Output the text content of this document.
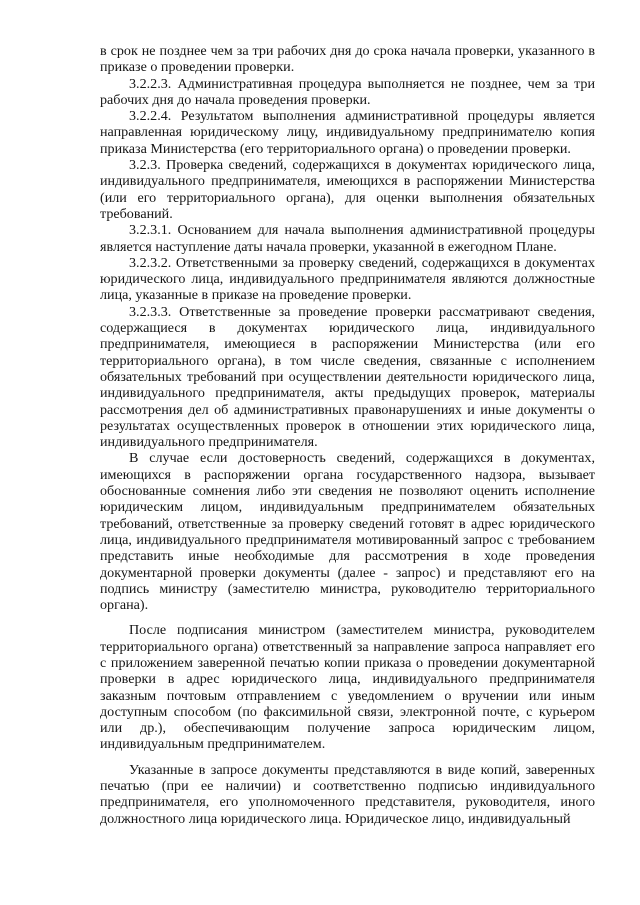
в срок не позднее чем за три рабочих дня до срока начала проверки, указанного в приказе о проведении проверки.

3.2.2.3. Административная процедура выполняется не позднее, чем за три рабочих дня до начала проведения проверки.

3.2.2.4. Результатом выполнения административной процедуры является направленная юридическому лицу, индивидуальному предпринимателю копия приказа Министерства (его территориального органа) о проведении проверки.

3.2.3. Проверка сведений, содержащихся в документах юридического лица, индивидуального предпринимателя, имеющихся в распоряжении Министерства (или его территориального органа), для оценки выполнения обязательных требований.

3.2.3.1. Основанием для начала выполнения административной процедуры является наступление даты начала проверки, указанной в ежегодном Плане.

3.2.3.2. Ответственными за проверку сведений, содержащихся в документах юридического лица, индивидуального предпринимателя являются должностные лица, указанные в приказе на проведение проверки.

3.2.3.3. Ответственные за проведение проверки рассматривают сведения, содержащиеся в документах юридического лица, индивидуального предпринимателя, имеющиеся в распоряжении Министерства (или его территориального органа), в том числе сведения, связанные с исполнением обязательных требований при осуществлении деятельности юридического лица, индивидуального предпринимателя, акты предыдущих проверок, материалы рассмотрения дел об административных правонарушениях и иные документы о результатах осуществленных проверок в отношении этих юридического лица, индивидуального предпринимателя.

В случае если достоверность сведений, содержащихся в документах, имеющихся в распоряжении органа государственного надзора, вызывает обоснованные сомнения либо эти сведения не позволяют оценить исполнение юридическим лицом, индивидуальным предпринимателем обязательных требований, ответственные за проверку сведений готовят в адрес юридического лица, индивидуального предпринимателя мотивированный запрос с требованием представить иные необходимые для рассмотрения в ходе проведения документарной проверки документы (далее - запрос) и представляют его на подпись министру (заместителю министра, руководителю территориального органа).

После подписания министром (заместителем министра, руководителем территориального органа) ответственный за направление запроса направляет его с приложением заверенной печатью копии приказа о проведении документарной проверки в адрес юридического лица, индивидуального предпринимателя заказным почтовым отправлением с уведомлением о вручении или иным доступным способом (по факсимильной связи, электронной почте, с курьером или др.), обеспечивающим получение запроса юридическим лицом, индивидуальным предпринимателем.

Указанные в запросе документы представляются в виде копий, заверенных печатью (при ее наличии) и соответственно подписью индивидуального предпринимателя, его уполномоченного представителя, руководителя, иного должностного лица юридического лица. Юридическое лицо, индивидуальный
